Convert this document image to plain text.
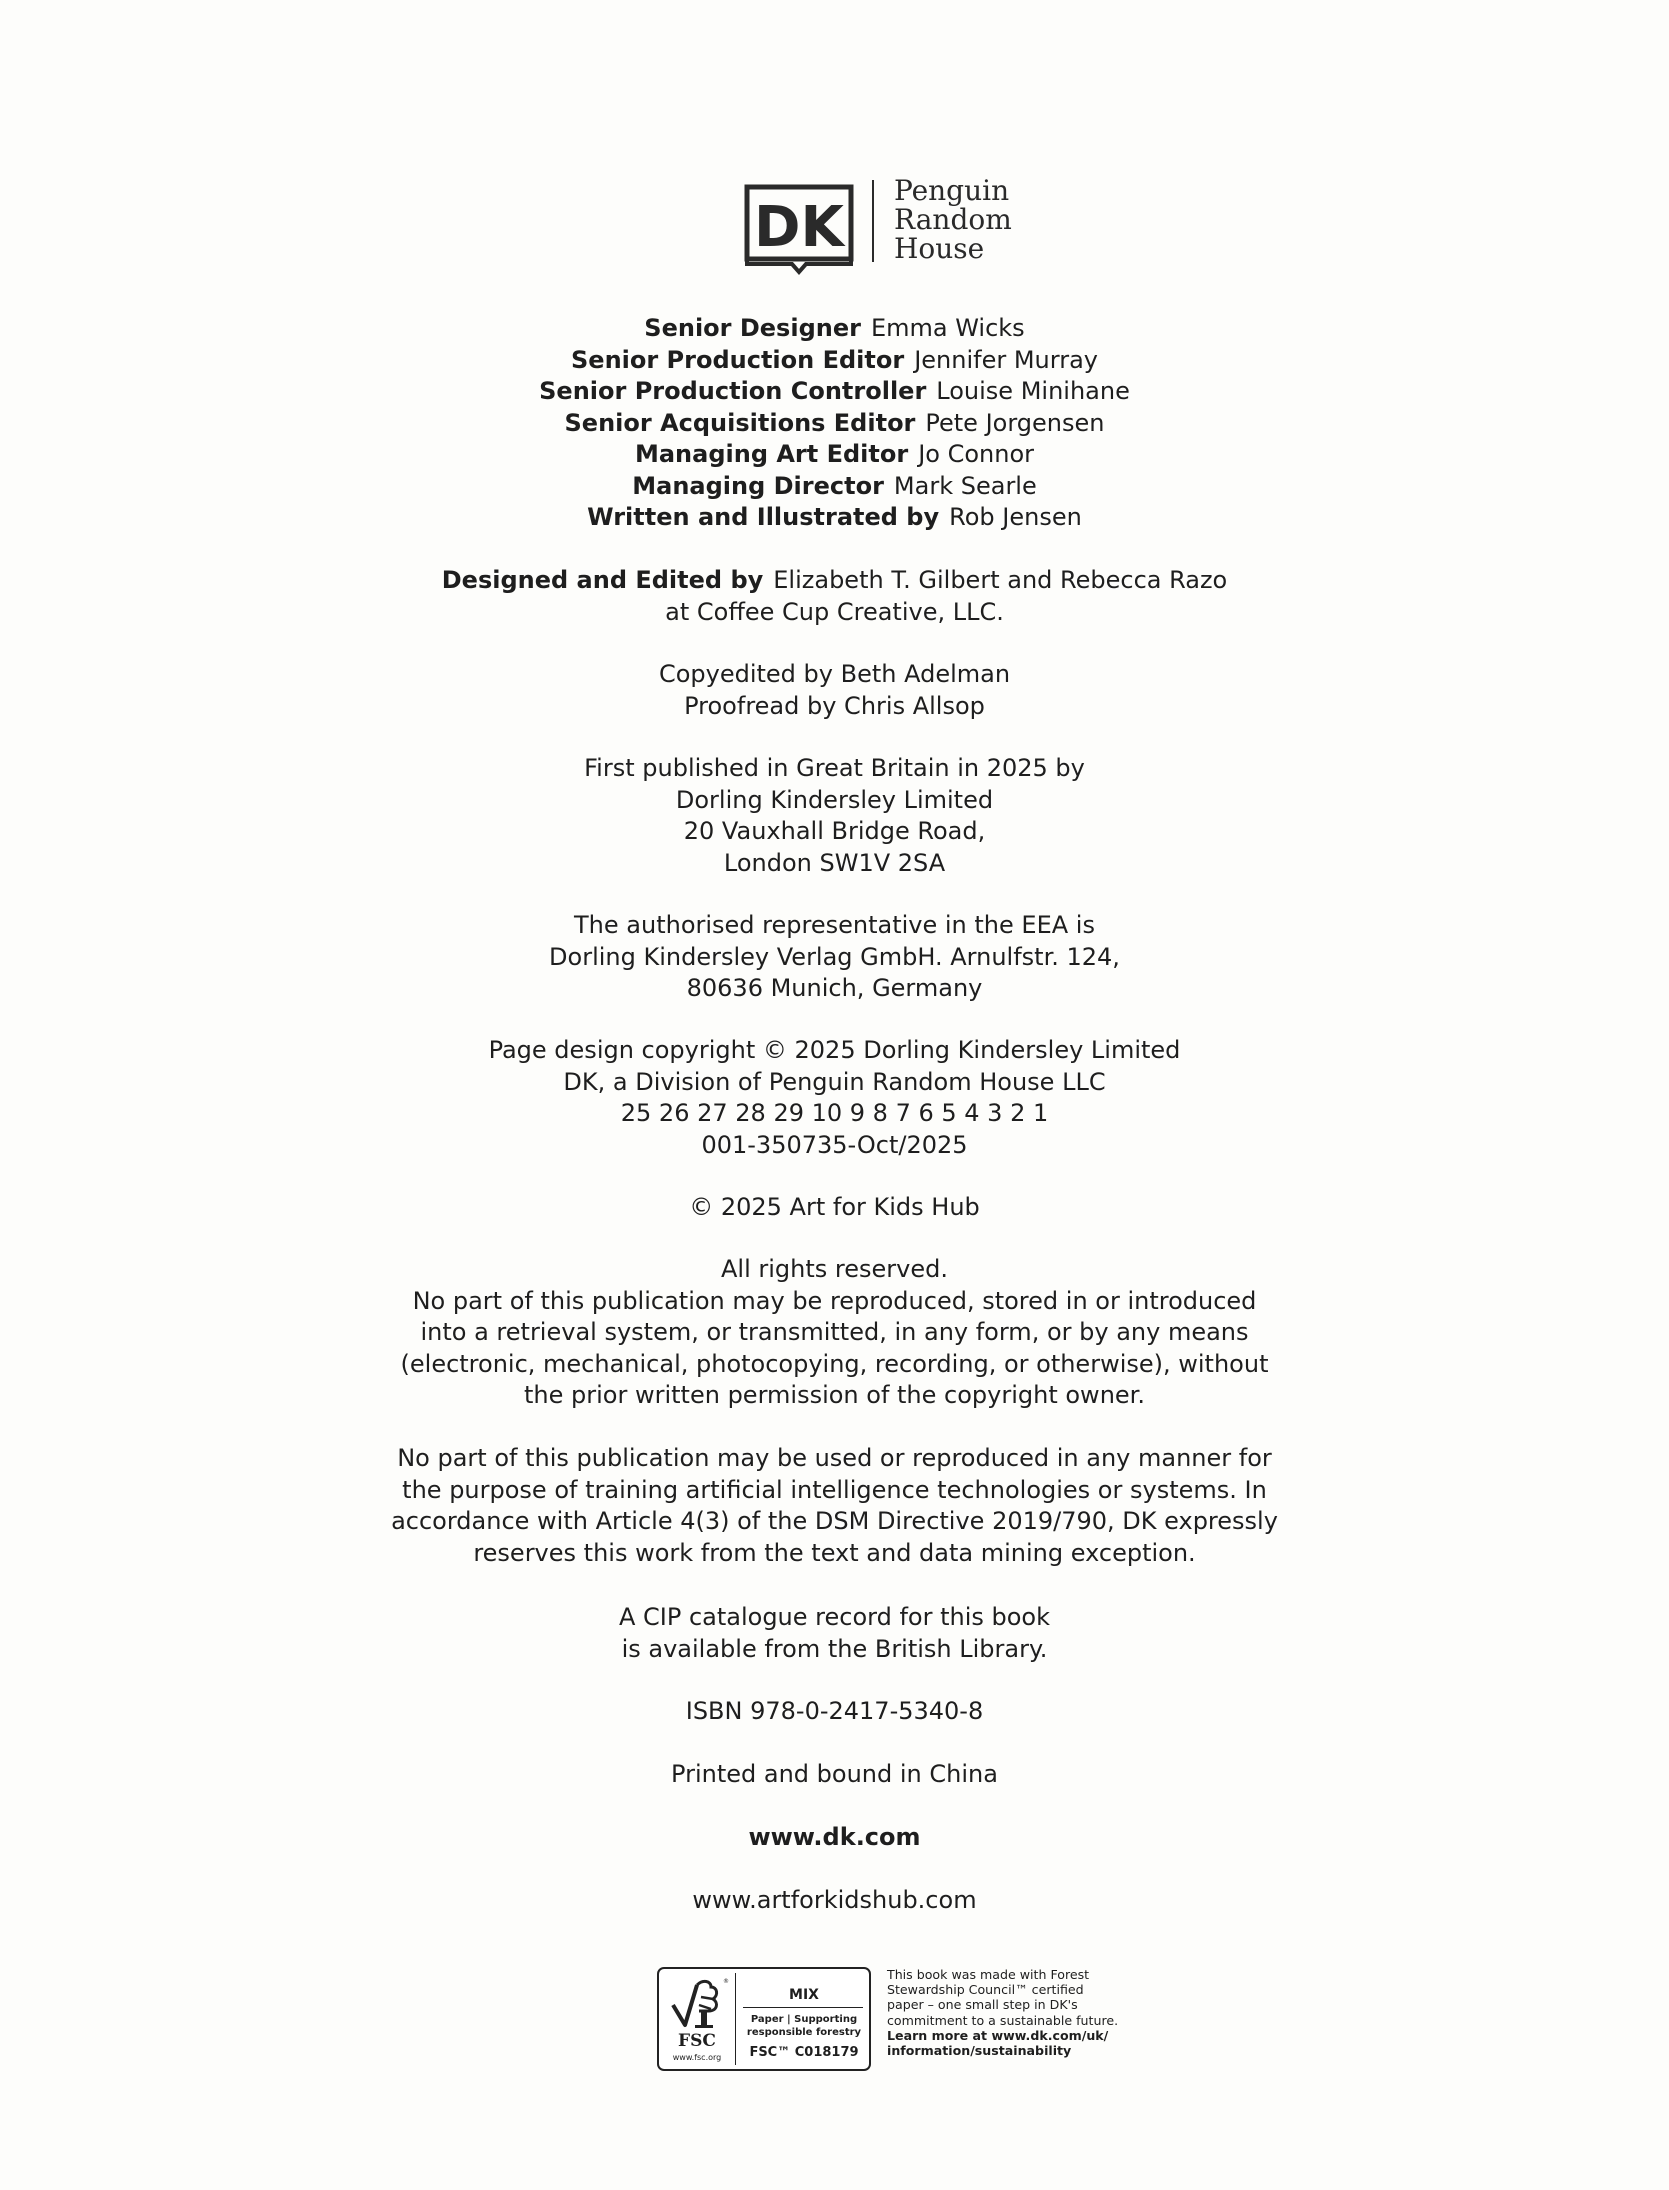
DK
Penguin
Random
House
Senior Designer Emma Wicks
Senior Production Editor Jennifer Murray
Senior Production Controller Louise Minihane
Senior Acquisitions Editor Pete Jorgensen
Managing Art Editor Jo Connor
Managing Director Mark Searle
Written and Illustrated by Rob Jensen
Designed and Edited by Elizabeth T. Gilbert and Rebecca Razo
at Coffee Cup Creative, LLC.
Copyedited by Beth Adelman
Proofread by Chris Allsop
First published in Great Britain in 2025 by
Dorling Kindersley Limited
20 Vauxhall Bridge Road,
London SW1V 2SA
The authorised representative in the EEA is
Dorling Kindersley Verlag GmbH. Arnulfstr. 124,
80636 Munich, Germany
Page design copyright © 2025 Dorling Kindersley Limited
DK, a Division of Penguin Random House LLC
25 26 27 28 29 10 9 8 7 6 5 4 3 2 1
001-350735-Oct/2025
© 2025 Art for Kids Hub
All rights reserved.
No part of this publication may be reproduced, stored in or introduced
into a retrieval system, or transmitted, in any form, or by any means
(electronic, mechanical, photocopying, recording, or otherwise), without
the prior written permission of the copyright owner.
No part of this publication may be used or reproduced in any manner for
the purpose of training artificial intelligence technologies or systems. In
accordance with Article 4(3) of the DSM Directive 2019/790, DK expressly
reserves this work from the text and data mining exception.
A CIP catalogue record for this book
is available from the British Library.
ISBN 978-0-2417-5340-8
Printed and bound in China
www.dk.com
www.artforkidshub.com
®
FSC
www.fsc.org
MIX
Paper | Supporting responsible forestry
FSC™ C018179
This book was made with Forest
Stewardship Council™ certified
paper – one small step in DK's
commitment to a sustainable future.
Learn more at www.dk.com/uk/
information/sustainability
